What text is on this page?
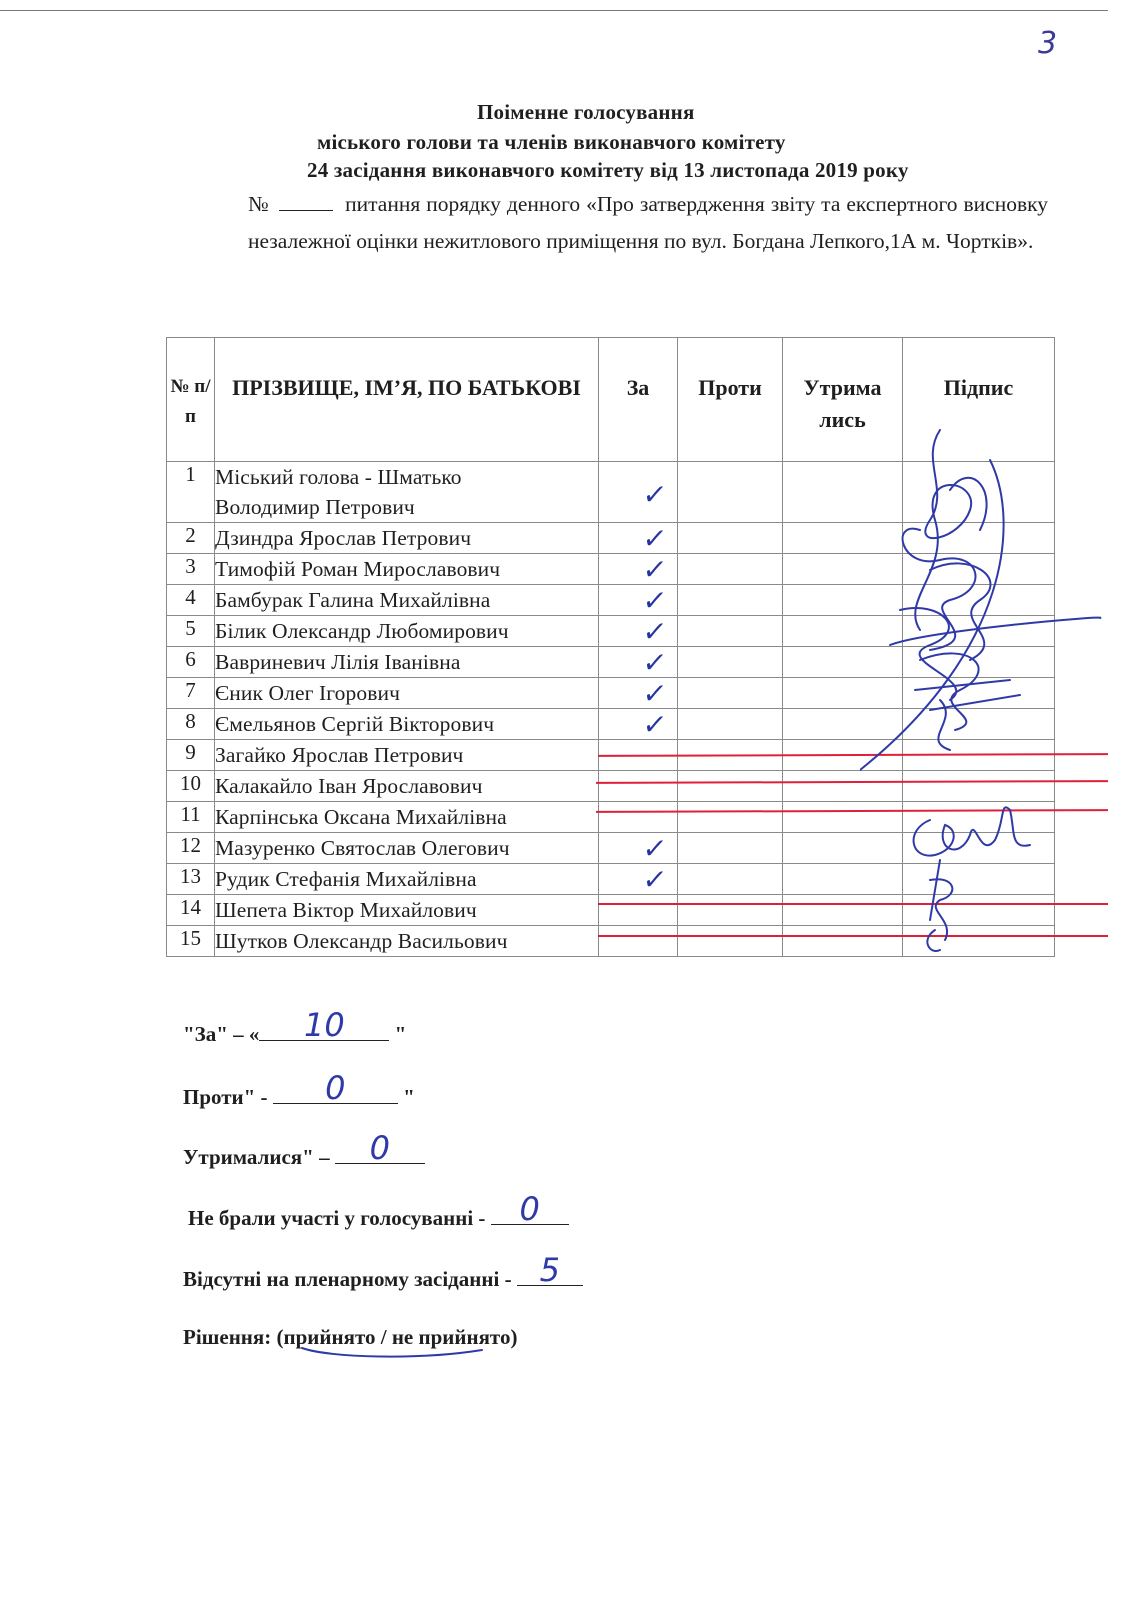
3
Поіменне голосування
міського голови та членів виконавчого комітету
24 засідання виконавчого комітету від 13 листопада 2019 року
№	питання порядку денного «Про затвердження звіту та експертного висновку незалежної оцінки нежитлового приміщення по вул. Богдана Лепкого,1А м. Чортків».
№ п/п	ПРІЗВИЩЕ, ІМ’Я, ПО БАТЬКОВІ	За	Проти	Утрима лись	Підпис
1	Міський голова - Шматько
Володимир Петрович	✓			

2	Дзиндра Ярослав Петрович	✓			

3	Тимофій Роман Мирославович	✓			

4	Бамбурак Галина Михайлівна	✓			

5	Білик Олександр Любомирович	✓			

6	Вавриневич Лілія Іванівна	✓			

7	Єник Олег Ігорович	✓			

8	Ємельянов Сергій Вікторович	✓			

9	Загайко Ярослав Петрович	

10	Калакайло Іван Ярославович	

11	Карпінська Оксана Михайлівна	

12	Мазуренко Святослав Олегович	✓			

13	Рудик Стефанія Михайлівна	✓			

14	Шепета Віктор Михайлович	

15	Шутков Олександр Васильович	

"За" – « 10 "
Проти" - 0	"
Утрималися" – 0
Не брали участі у голосуванні - 0
Відсутні на пленарному засіданні - 5
Рішення: (прийнято / не прийнято)
